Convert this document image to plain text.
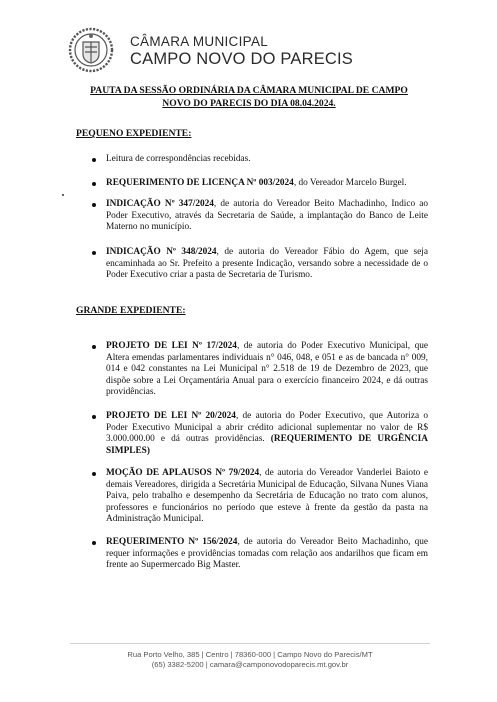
CÂMARA MUNICIPAL
CAMPO NOVO DO PARECIS
PAUTA DA SESSÃO ORDINÁRIA DA CÂMARA MUNICIPAL DE CAMPO NOVO DO PARECIS DO DIA 08.04.2024.
PEQUENO EXPEDIENTE:
Leitura de correspondências recebidas.
REQUERIMENTO DE LICENÇA Nº 003/2024, do Vereador Marcelo Burgel.
INDICAÇÃO Nº 347/2024, de autoria do Vereador Beito Machadinho, Indico ao Poder Executivo, através da Secretaria de Saúde, a implantação do Banco de Leite Materno no município.
INDICAÇÃO Nº 348/2024, de autoria do Vereador Fábio do Agem, que seja encaminhada ao Sr. Prefeito a presente Indicação, versando sobre a necessidade de o Poder Executivo criar a pasta de Secretaria de Turismo.
GRANDE EXPEDIENTE:
PROJETO DE LEI Nº 17/2024, de autoria do Poder Executivo Municipal, que Altera emendas parlamentares individuais n° 046, 048, e 051 e as de bancada n° 009, 014 e 042 constantes na Lei Municipal n° 2.518 de 19 de Dezembro de 2023, que dispõe sobre a Lei Orçamentária Anual para o exercício financeiro 2024, e dá outras providências.
PROJETO DE LEI Nº 20/2024, de autoria do Poder Executivo, que Autoriza o Poder Executivo Municipal a abrir crédito adicional suplementar no valor de R$ 3.000.000.00 e dá outras providências. (REQUERIMENTO DE URGÊNCIA SIMPLES)
MOÇÃO DE APLAUSOS Nº 79/2024, de autoria do Vereador Vanderlei Baioto e demais Vereadores, dirigida a Secretária Municipal de Educação, Silvana Nunes Viana Paiva, pelo trabalho e desempenho da Secretária de Educação no trato com alunos, professores e funcionários no período que esteve à frente da gestão da pasta na Administração Municipal.
REQUERIMENTO Nº 156/2024, de autoria do Vereador Beito Machadinho, que requer informações e providências tomadas com relação aos andarilhos que ficam em frente ao Supermercado Big Master.
Rua Porto Velho, 385 | Centro | 78360-000 | Campo Novo do Parecis/MT
(65) 3382-5200 | camara@camponovodoparecis.mt.gov.br
